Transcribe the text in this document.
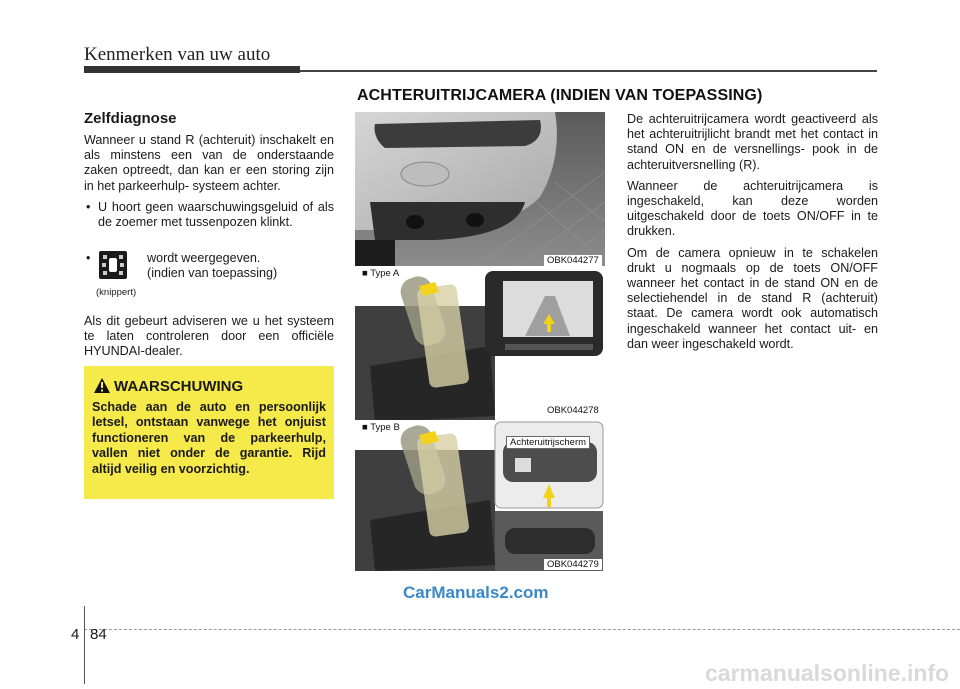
Kenmerken van uw auto
ACHTERUITRIJCAMERA (INDIEN VAN TOEPASSING)
Zelfdiagnose

Wanneer u stand R (achteruit) inschakelt en als minstens een van de onderstaande zaken optreedt, dan kan er een storing zijn in het parkeerhulp- systeem achter.

• U hoort geen waarschuwingsgeluid of als de zoemer met tussenpozen klinkt.

•
(knippert)
wordt weergegeven.
(indien van toepassing)

Als dit gebeurt adviseren we u het systeem te laten controleren door een officiële HYUNDAI-dealer.

WAARSCHUWING
Schade aan de auto en persoonlijk letsel, ontstaan vanwege het onjuist functioneren van de parkeerhulp, vallen niet onder de garantie. Rijd altijd veilig en voorzichtig.
OBK044277
■ Type A
OBK044278
■ Type B
Achteruitrijscherm
OBK044279

De achteruitrijcamera wordt geactiveerd als het achteruitrijlicht brandt met het contact in stand ON en de versnellings- pook in de achteruitversnelling (R).

Wanneer de achteruitrijcamera is ingeschakeld, kan deze worden uitgeschakeld door de toets ON/OFF in te drukken.

Om de camera opnieuw in te schakelen drukt u nogmaals op de toets ON/OFF wanneer het contact in de stand ON en de selectiehendel in de stand R (achteruit) staat. De camera wordt ook automatisch ingeschakeld wanneer het contact uit- en dan weer ingeschakeld wordt.

CarManuals2.com
4 84
carmanualsonline.info
